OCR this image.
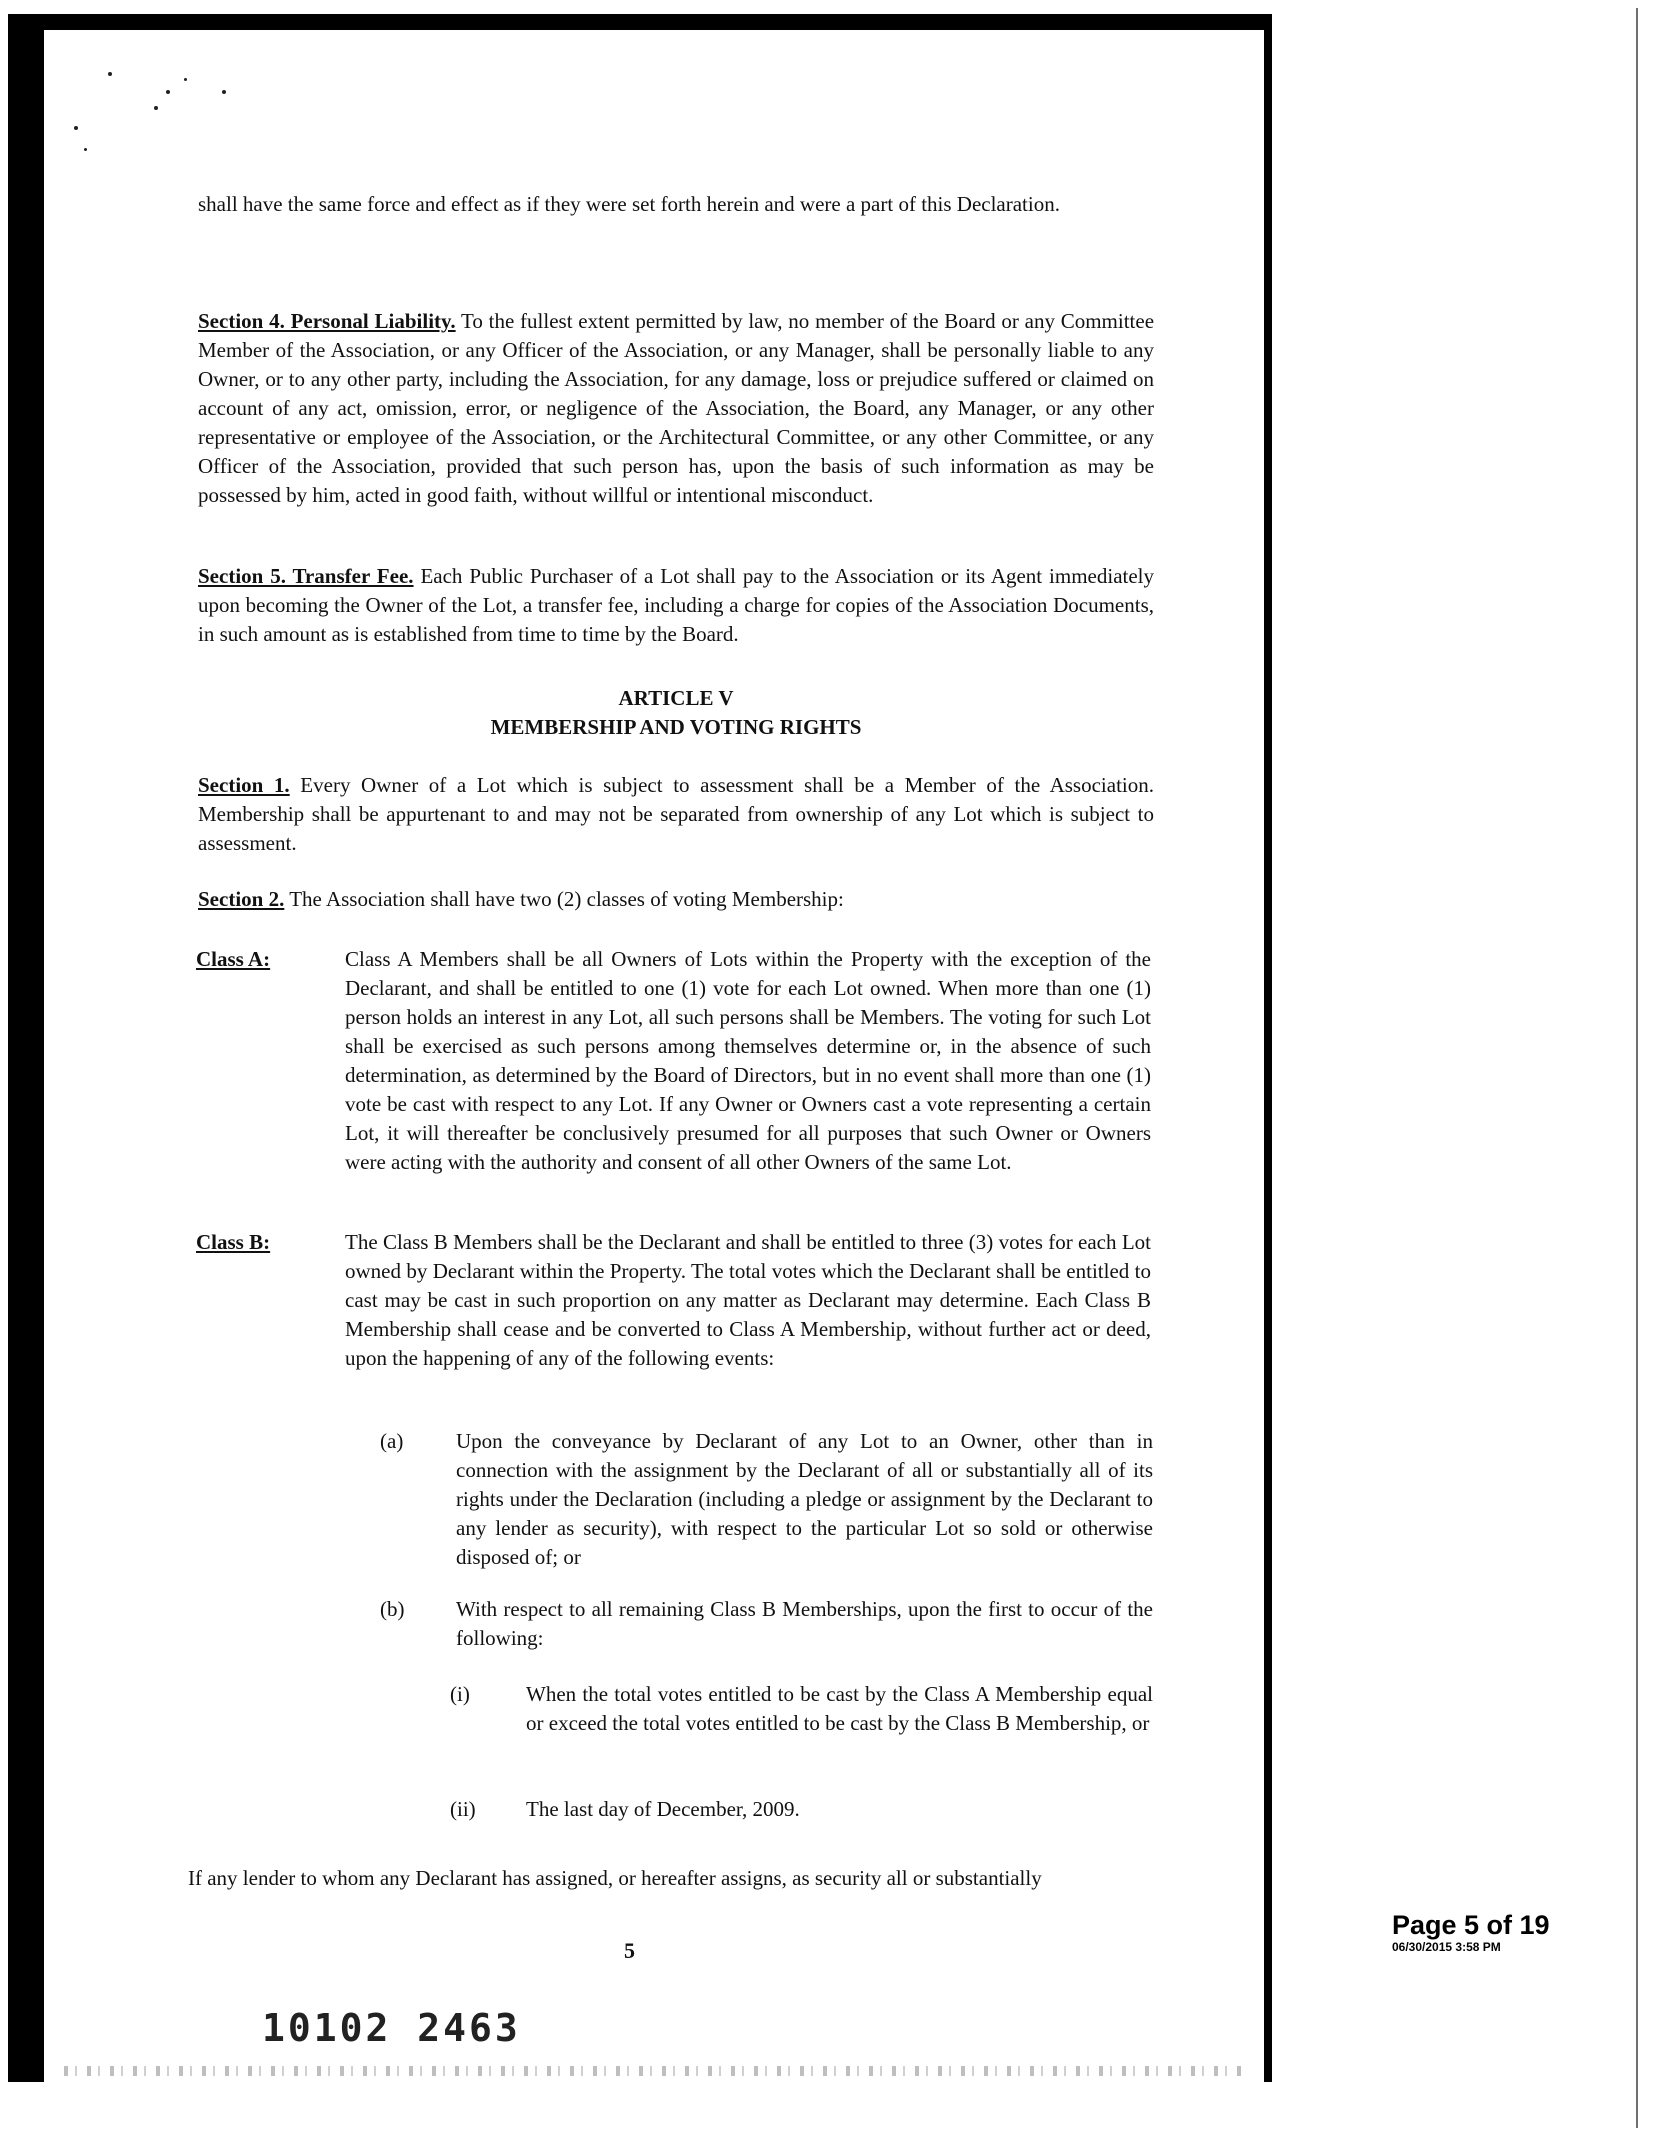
shall have the same force and effect as if they were set forth herein and were a part of this Declaration.
Section 4. Personal Liability. To the fullest extent permitted by law, no member of the Board or any Committee Member of the Association, or any Officer of the Association, or any Manager, shall be personally liable to any Owner, or to any other party, including the Association, for any damage, loss or prejudice suffered or claimed on account of any act, omission, error, or negligence of the Association, the Board, any Manager, or any other representative or employee of the Association, or the Architectural Committee, or any other Committee, or any Officer of the Association, provided that such person has, upon the basis of such information as may be possessed by him, acted in good faith, without willful or intentional misconduct.
Section 5. Transfer Fee. Each Public Purchaser of a Lot shall pay to the Association or its Agent immediately upon becoming the Owner of the Lot, a transfer fee, including a charge for copies of the Association Documents, in such amount as is established from time to time by the Board.
ARTICLE V
MEMBERSHIP AND VOTING RIGHTS
Section 1. Every Owner of a Lot which is subject to assessment shall be a Member of the Association. Membership shall be appurtenant to and may not be separated from ownership of any Lot which is subject to assessment.
Section 2. The Association shall have two (2) classes of voting Membership:
Class A:	Class A Members shall be all Owners of Lots within the Property with the exception of the Declarant, and shall be entitled to one (1) vote for each Lot owned. When more than one (1) person holds an interest in any Lot, all such persons shall be Members. The voting for such Lot shall be exercised as such persons among themselves determine or, in the absence of such determination, as determined by the Board of Directors, but in no event shall more than one (1) vote be cast with respect to any Lot. If any Owner or Owners cast a vote representing a certain Lot, it will thereafter be conclusively presumed for all purposes that such Owner or Owners were acting with the authority and consent of all other Owners of the same Lot.
Class B:	The Class B Members shall be the Declarant and shall be entitled to three (3) votes for each Lot owned by Declarant within the Property. The total votes which the Declarant shall be entitled to cast may be cast in such proportion on any matter as Declarant may determine. Each Class B Membership shall cease and be converted to Class A Membership, without further act or deed, upon the happening of any of the following events:
(a)	Upon the conveyance by Declarant of any Lot to an Owner, other than in connection with the assignment by the Declarant of all or substantially all of its rights under the Declaration (including a pledge or assignment by the Declarant to any lender as security), with respect to the particular Lot so sold or otherwise disposed of; or
(b) With respect to all remaining Class B Memberships, upon the first to occur of the following:
(i)	When the total votes entitled to be cast by the Class A Membership equal or exceed the total votes entitled to be cast by the Class B Membership, or
(ii) The last day of December, 2009.
If any lender to whom any Declarant has assigned, or hereafter assigns, as security all or substantially
5
10102 2463
Page 5 of 19
06/30/2015 3:58 PM
